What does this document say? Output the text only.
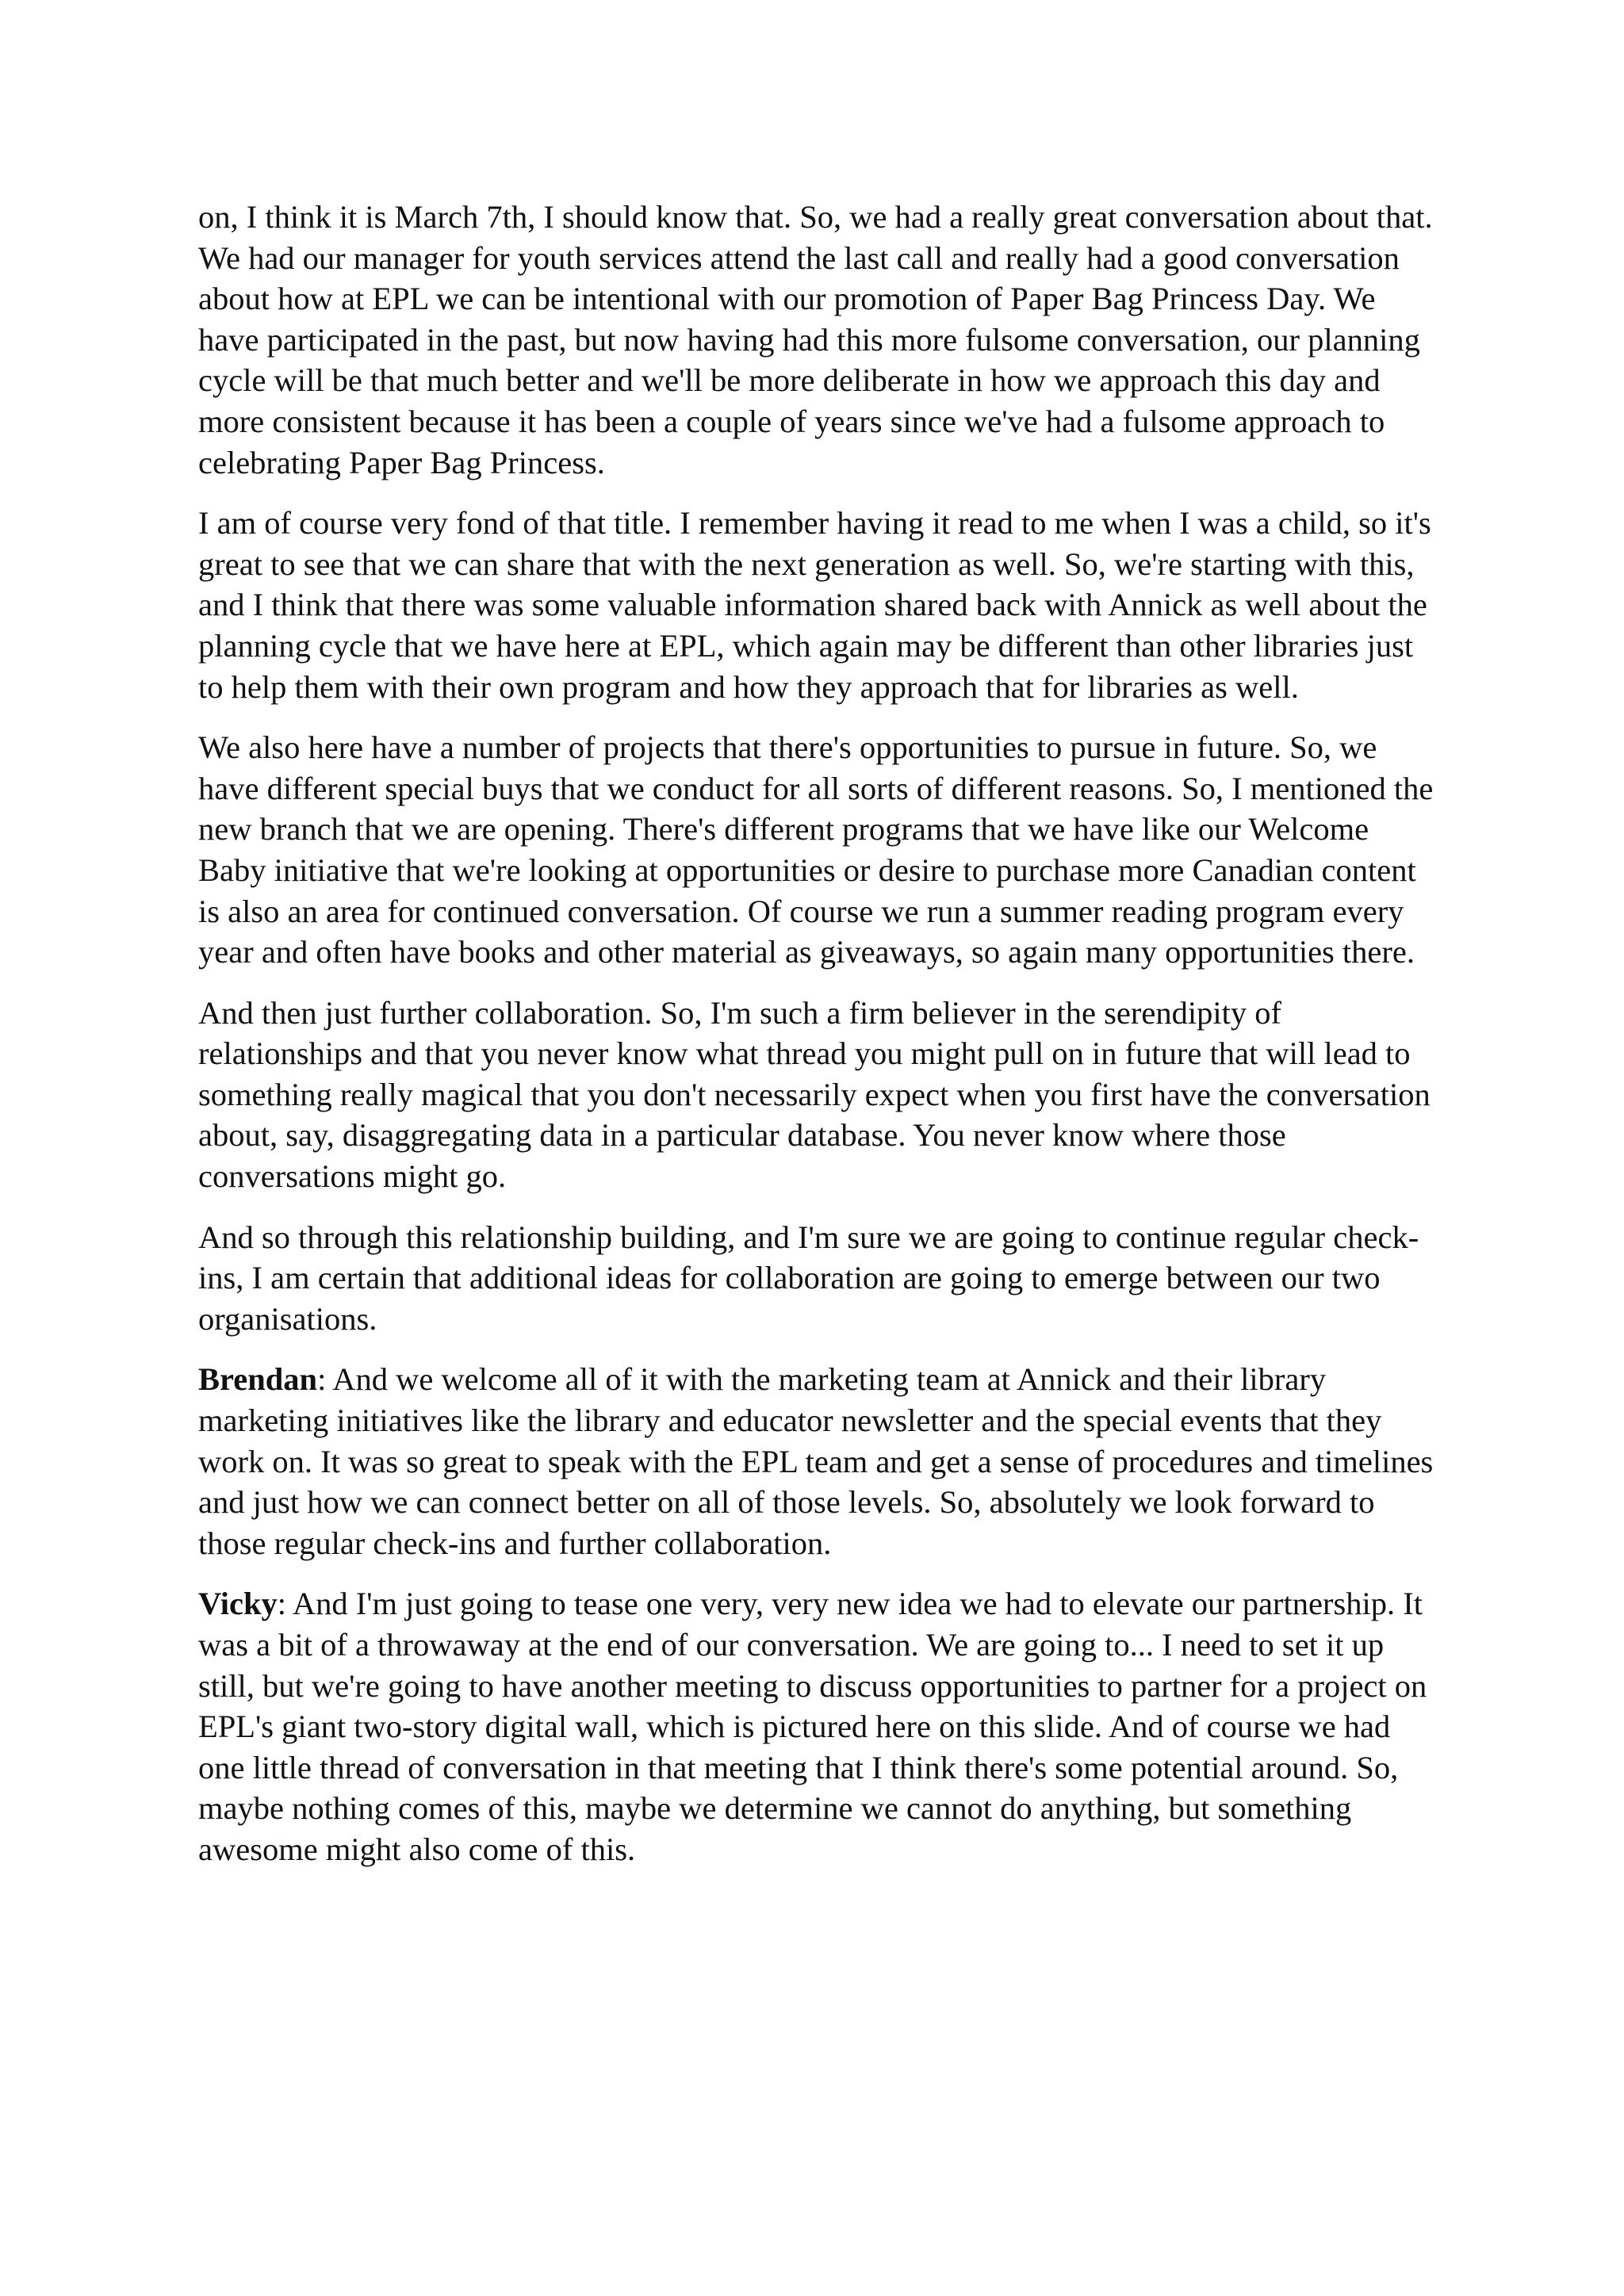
on, I think it is March 7th, I should know that. So, we had a really great conversation about that. We had our manager for youth services attend the last call and really had a good conversation about how at EPL we can be intentional with our promotion of Paper Bag Princess Day. We have participated in the past, but now having had this more fulsome conversation, our planning cycle will be that much better and we'll be more deliberate in how we approach this day and more consistent because it has been a couple of years since we've had a fulsome approach to celebrating Paper Bag Princess.

I am of course very fond of that title. I remember having it read to me when I was a child, so it's great to see that we can share that with the next generation as well. So, we're starting with this, and I think that there was some valuable information shared back with Annick as well about the planning cycle that we have here at EPL, which again may be different than other libraries just to help them with their own program and how they approach that for libraries as well.

We also here have a number of projects that there's opportunities to pursue in future. So, we have different special buys that we conduct for all sorts of different reasons. So, I mentioned the new branch that we are opening. There's different programs that we have like our Welcome Baby initiative that we're looking at opportunities or desire to purchase more Canadian content is also an area for continued conversation. Of course we run a summer reading program every year and often have books and other material as giveaways, so again many opportunities there.

And then just further collaboration. So, I'm such a firm believer in the serendipity of relationships and that you never know what thread you might pull on in future that will lead to something really magical that you don't necessarily expect when you first have the conversation about, say, disaggregating data in a particular database. You never know where those conversations might go.

And so through this relationship building, and I'm sure we are going to continue regular check-ins, I am certain that additional ideas for collaboration are going to emerge between our two organisations.

Brendan: And we welcome all of it with the marketing team at Annick and their library marketing initiatives like the library and educator newsletter and the special events that they work on. It was so great to speak with the EPL team and get a sense of procedures and timelines and just how we can connect better on all of those levels. So, absolutely we look forward to those regular check-ins and further collaboration.

Vicky: And I'm just going to tease one very, very new idea we had to elevate our partnership. It was a bit of a throwaway at the end of our conversation. We are going to... I need to set it up still, but we're going to have another meeting to discuss opportunities to partner for a project on EPL's giant two-story digital wall, which is pictured here on this slide. And of course we had one little thread of conversation in that meeting that I think there's some potential around. So, maybe nothing comes of this, maybe we determine we cannot do anything, but something awesome might also come of this.
